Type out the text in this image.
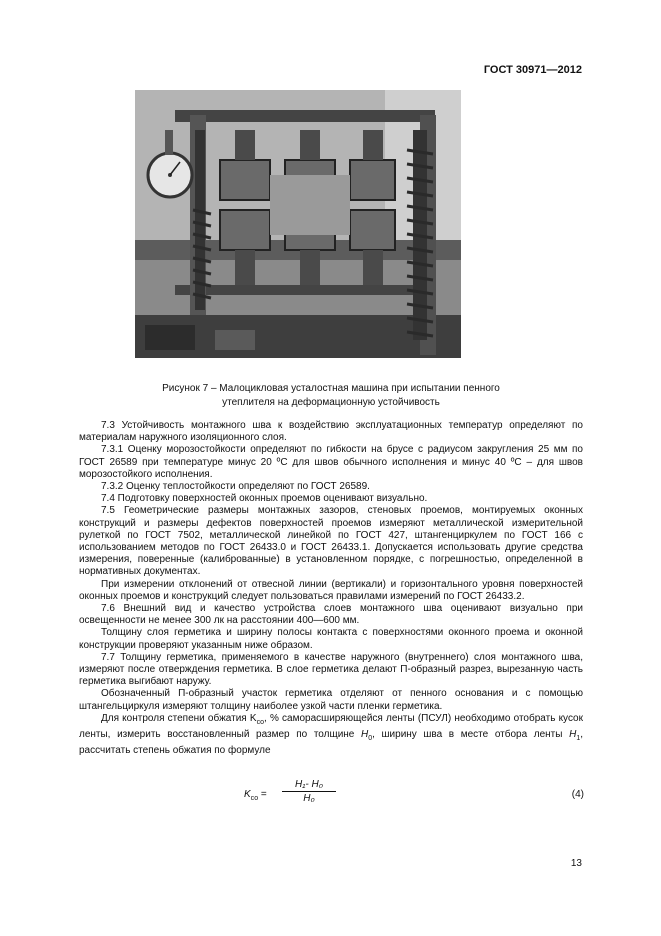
ГОСТ 30971—2012
Рисунок 7 – Малоцикловая усталостная машина при испытании пенного
утеплителя на деформационную устойчивость

7.3 Устойчивость монтажного шва к воздействию эксплуатационных температур определяют по материалам наружного изоляционного слоя.

7.3.1 Оценку морозостойкости определяют по гибкости на брусе с радиусом закругления 25 мм по ГОСТ 26589 при температуре минус 20 ºС для швов обычного исполнения и минус 40 ºС – для швов морозостойкого исполнения.

7.3.2 Оценку теплостойкости определяют по ГОСТ 26589.

7.4 Подготовку поверхностей оконных проемов оценивают визуально.

7.5 Геометрические размеры монтажных зазоров, стеновых проемов, монтируемых оконных конструкций и размеры дефектов поверхностей проемов измеряют металлической измерительной рулеткой по ГОСТ 7502, металлической линейкой по ГОСТ 427, штангенциркулем по ГОСТ 166 с использованием методов по ГОСТ 26433.0 и ГОСТ 26433.1. Допускается использовать другие средства измерения, поверенные (калиброванные) в установленном порядке, с погрешностью, определенной в нормативных документах.

При измерении отклонений от отвесной линии (вертикали) и горизонтального уровня поверхностей оконных проемов и конструкций следует пользоваться правилами измерений по ГОСТ 26433.2.

7.6 Внешний вид и качество устройства слоев монтажного шва оценивают визуально при освещенности не менее 300 лк на расстоянии 400—600 мм.

Толщину слоя герметика и ширину полосы контакта с поверхностями оконного проема и оконной конструкции проверяют указанным ниже образом.

7.7 Толщину герметика, применяемого в качестве наружного (внутреннего) слоя монтажного шва, измеряют после отверждения герметика. В слое герметика делают П-образный разрез, вырезанную часть герметика выгибают наружу.

Обозначенный П-образный участок герметика отделяют от пенного основания и с помощью штангельциркуля измеряют толщину наиболее узкой части пленки герметика.

Для контроля степени обжатия $K_{со}$, % саморасширяющейся ленты (ПСУЛ) необходимо отобрать кусок ленты, измерить восстановленный размер по толщине $H_0$, ширину шва в месте отбора ленты $H_1$, рассчитать степень обжатия по формуле

$K_{со} = \frac{\text{H₁- H₀}}{\text{H₀}}$	(4)
13
